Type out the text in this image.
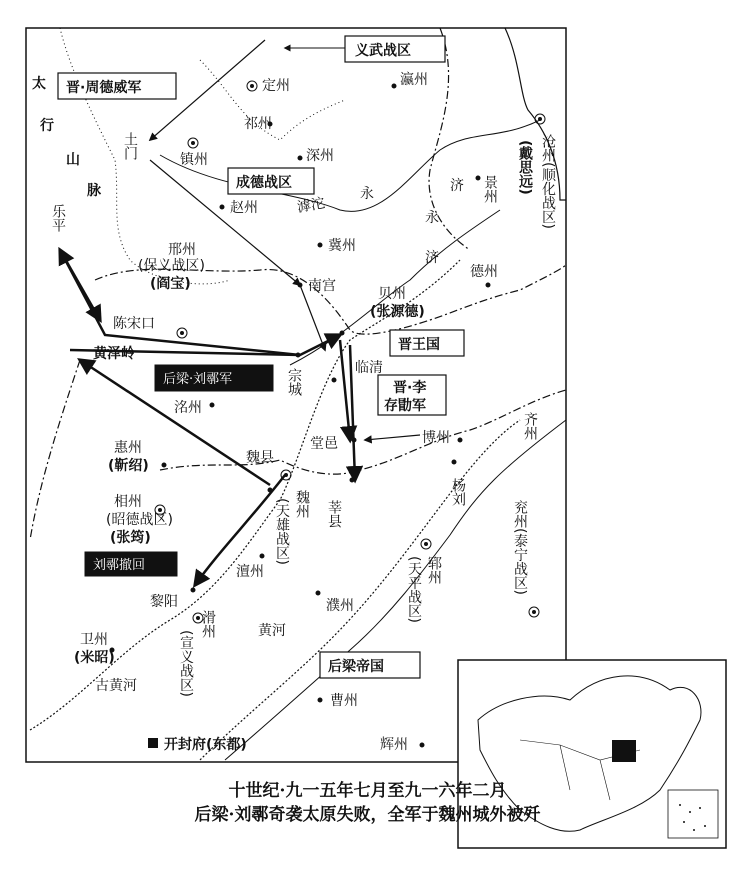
太
行
山
脉
义武战区
晋·周德威军
成德战区
晋王国
后梁·刘鄩军
晋·李
存勖军
刘鄩撤回
后梁帝国
滹沱
永	济
永
济
黄河
古黄河
定州	瀛州
祁州
土门	镇州	深州	沧州(顺化战区)
(戴思远)
景州
赵州
冀州
乐平
邢州
(保义战区)
(阎宝)	南宫
德州
贝州
(张源德)
陈宋口
黄泽岭
宗城	临清
洺州
堂邑	博州	齐州
惠州
(靳绍)	魏县
魏州
(天雄战区)	莘县
杨刘
相州
(昭德战区)
(张筠)	兖州(泰宁战区)
郓州
(天平战区)
澶州
黎阳
滑州
(宣义战区)
濮州
卫州
(米昭)
曹州
开封府(东都)	辉州
十世纪·九一五年七月至九一六年二月
后梁·刘鄩奇袭太原失败，全军于魏州城外被歼
